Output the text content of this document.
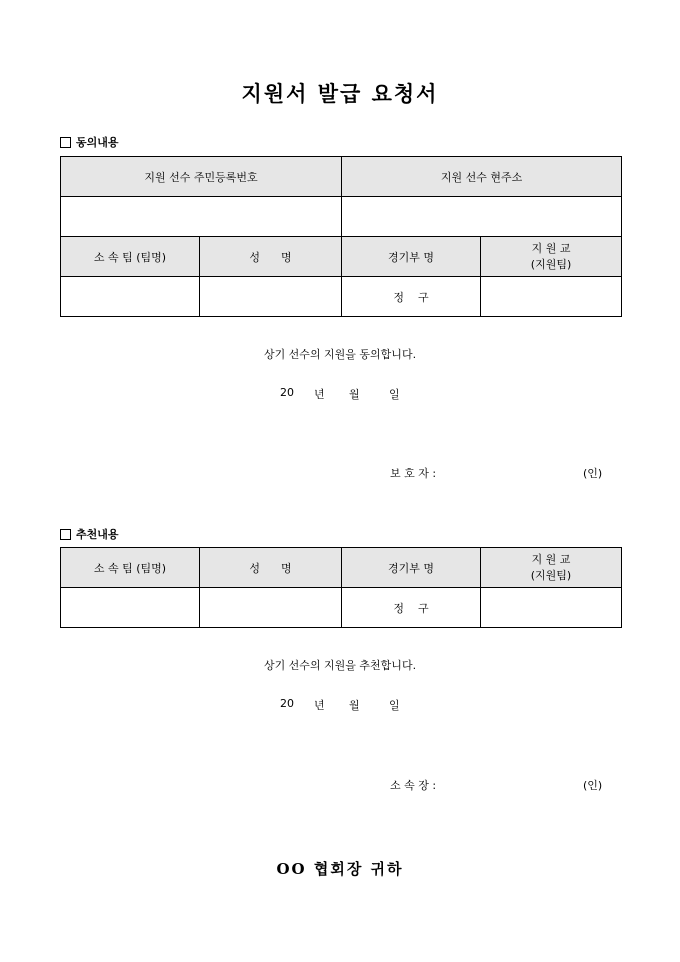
지원서 발급 요청서
동의내용
지원 선수 주민등록번호		지원 선수 현주소	

소 속 팀 (팀명)	성      명	경기부 명	지 원 교
(지원팀)

		정    구	
상기 선수의 지원을 동의합니다.
20 년 월	일
보 호 자 :	(인)
추천내용
소 속 팀 (팀명)	성      명	경기부 명	지 원 교
(지원팀)

		정    구	
상기 선수의 지원을 추천합니다.
20 년 월	일
소 속 장 :	(인)
OO 협회장 귀하
